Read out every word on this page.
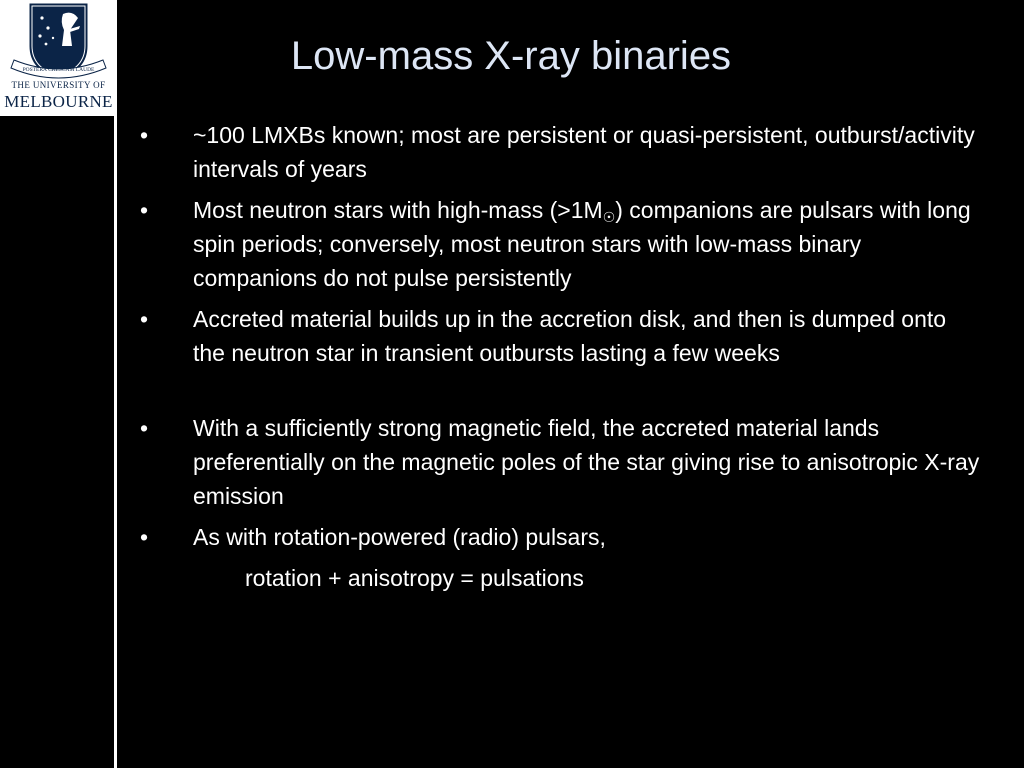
POSTERA CRESCAM LAUDE
THE UNIVERSITY OF
MELBOURNE
Low-mass X-ray binaries
•	~100 LMXBs known; most are persistent or quasi-persistent, outburst/activity intervals of years
•	Most neutron stars with high-mass (>1M☉) companions are pulsars with long spin periods; conversely, most neutron stars with low-mass binary companions do not pulse persistently
•	Accreted material builds up in the accretion disk, and then is dumped onto the neutron star in transient outbursts lasting a few weeks
•	With a sufficiently strong magnetic field, the accreted material lands preferentially on the magnetic poles of the star giving rise to anisotropic X-ray emission
•	As with rotation-powered (radio) pulsars,
rotation + anisotropy = pulsations
